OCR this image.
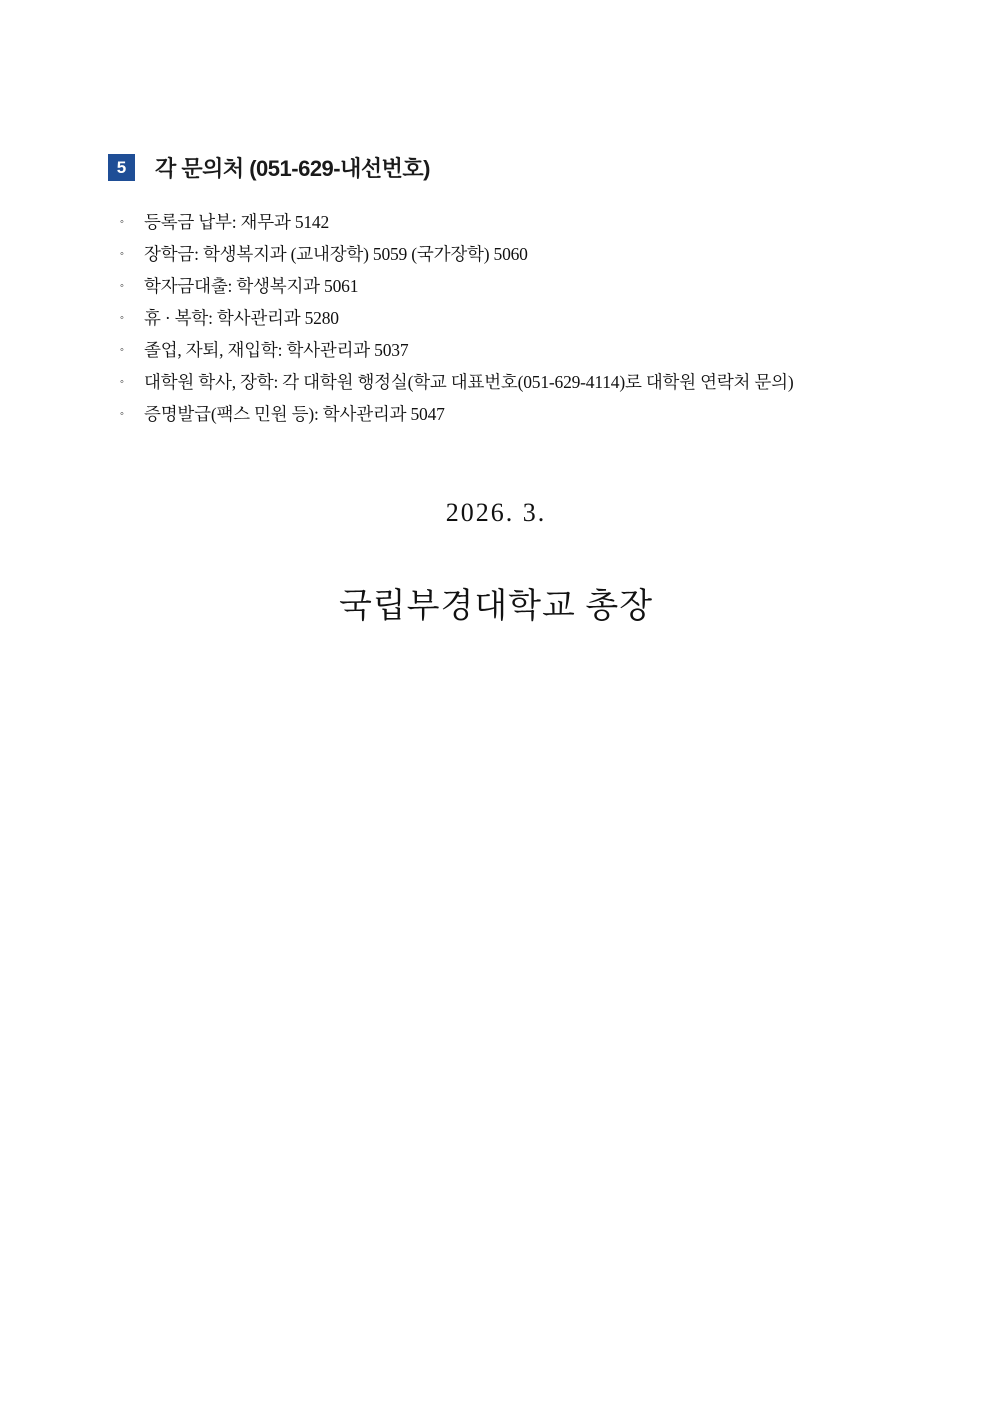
5	각 문의처 (051-629-내선번호)
◦ 등록금 납부: 재무과 5142
◦ 장학금: 학생복지과 (교내장학) 5059 (국가장학) 5060
◦ 학자금대출: 학생복지과 5061
◦ 휴 · 복학: 학사관리과 5280
◦ 졸업, 자퇴, 재입학: 학사관리과 5037
◦ 대학원 학사, 장학: 각 대학원 행정실(학교 대표번호(051-629-4114)로 대학원 연락처 문의)
◦ 증명발급(팩스 민원 등): 학사관리과 5047
2026. 3.
국립부경대학교 총장
